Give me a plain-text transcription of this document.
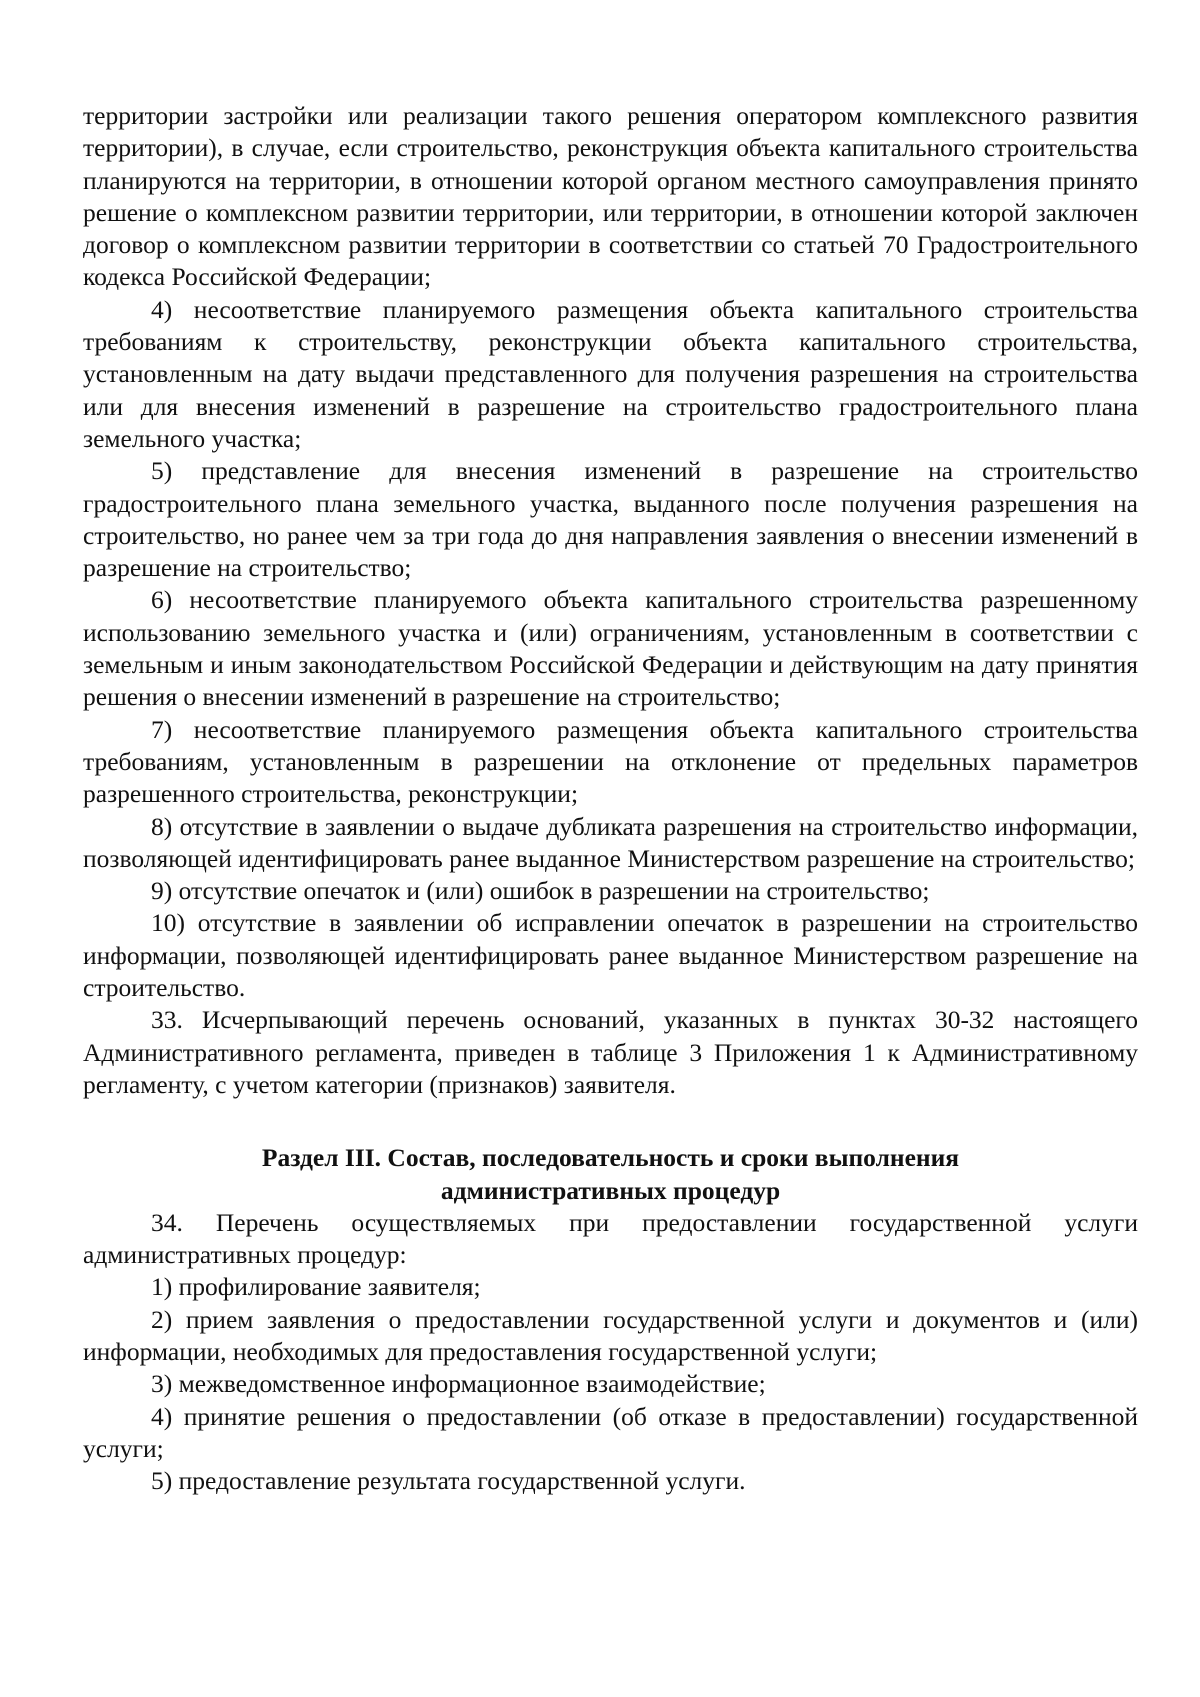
территории застройки или реализации такого решения оператором комплексного развития территории), в случае, если строительство, реконструкция объекта капитального строительства планируются на территории, в отношении которой органом местного самоуправления принято решение о комплексном развитии территории, или территории, в отношении которой заключен договор о комплексном развитии территории в соответствии со статьей 70 Градостроительного кодекса Российской Федерации;

4) несоответствие планируемого размещения объекта капитального строительства требованиям к строительству, реконструкции объекта капитального строительства, установленным на дату выдачи представленного для получения разрешения на строительства или для внесения изменений в разрешение на строительство градостроительного плана земельного участка;

5) представление для внесения изменений в разрешение на строительство градостроительного плана земельного участка, выданного после получения разрешения на строительство, но ранее чем за три года до дня направления заявления о внесении изменений в разрешение на строительство;

6) несоответствие планируемого объекта капитального строительства разрешенному использованию земельного участка и (или) ограничениям, установленным в соответствии с земельным и иным законодательством Российской Федерации и действующим на дату принятия решения о внесении изменений в разрешение на строительство;

7) несоответствие планируемого размещения объекта капитального строительства требованиям, установленным в разрешении на отклонение от предельных параметров разрешенного строительства, реконструкции;

8) отсутствие в заявлении о выдаче дубликата разрешения на строительство информации, позволяющей идентифицировать ранее выданное Министерством разрешение на строительство;

9) отсутствие опечаток и (или) ошибок в разрешении на строительство;

10) отсутствие в заявлении об исправлении опечаток в разрешении на строительство информации, позволяющей идентифицировать ранее выданное Министерством разрешение на строительство.

33. Исчерпывающий перечень оснований, указанных в пунктах 30-32 настоящего Административного регламента, приведен в таблице 3 Приложения 1 к Административному регламенту, с учетом категории (признаков) заявителя.

Раздел III. Состав, последовательность и сроки выполнения
административных процедур

34. Перечень осуществляемых при предоставлении государственной услуги административных процедур:

1) профилирование заявителя;

2) прием заявления о предоставлении государственной услуги и документов и (или) информации, необходимых для предоставления государственной услуги;

3) межведомственное информационное взаимодействие;

4) принятие решения о предоставлении (об отказе в предоставлении) государственной услуги;

5) предоставление результата государственной услуги.
